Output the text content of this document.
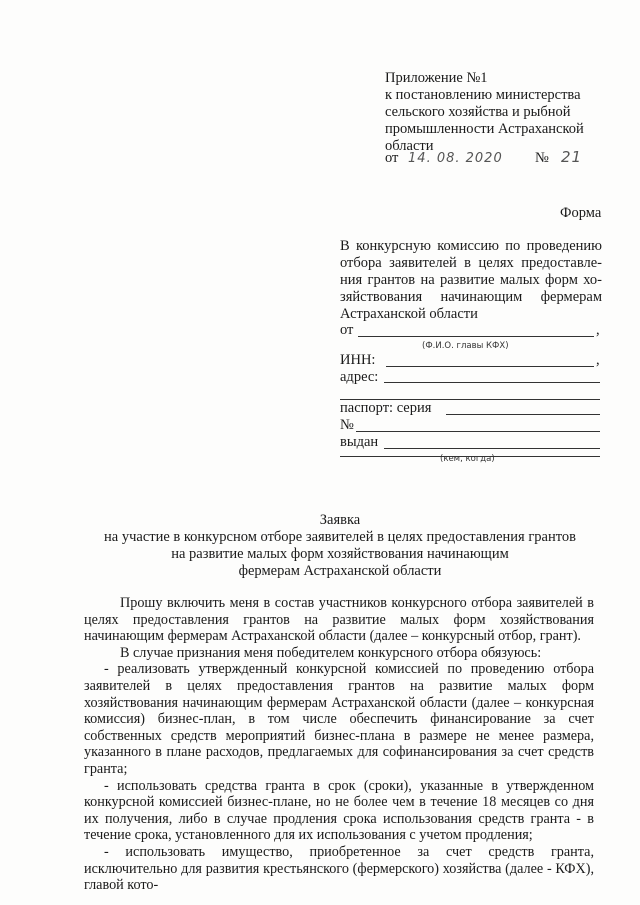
Приложение №1
к постановлению министерства
сельского хозяйства и рыбной
промышленности Астраханской
области
от 14. 08. 2020 № 21
Форма
В конкурсную комиссию по проведению отбора заявителей в целях предоставле-ния грантов на развитие малых форм хо-зяйствования начинающим фермерам Астраханской области
от	,
(Ф.И.О. главы КФХ)
ИНН:	,
адрес:
паспорт: серия
№
выдан
(кем, когда)
Заявка
на участие в конкурсном отборе заявителей в целях предоставления грантов
на развитие малых форм хозяйствования начинающим
фермерам Астраханской области

Прошу включить меня в состав участников конкурсного отбора заявителей в целях предоставления грантов на развитие малых форм хозяйствования начинающим фермерам Астраханской области (далее – конкурсный отбор, грант).

В случае признания меня победителем конкурсного отбора обязуюсь:

- реализовать утвержденный конкурсной комиссией по проведению отбора заявителей в целях предоставления грантов на развитие малых форм хозяйствования начинающим фермерам Астраханской области (далее – конкурсная комиссия) бизнес-план, в том числе обеспечить финансирование за счет собственных средств мероприятий бизнес-плана в размере не менее размера, указанного в плане расходов, предлагаемых для софинансирования за счет средств гранта;

- использовать средства гранта в срок (сроки), указанные в утвержденном конкурсной комиссией бизнес-плане, но не более чем в течение 18 месяцев со дня их получения, либо в случае продления срока использования средств гранта - в течение срока, установленного для их использования с учетом продления;

- использовать имущество, приобретенное за счет средств гранта, исключительно для развития крестьянского (фермерского) хозяйства (далее - КФХ), главой кото-
